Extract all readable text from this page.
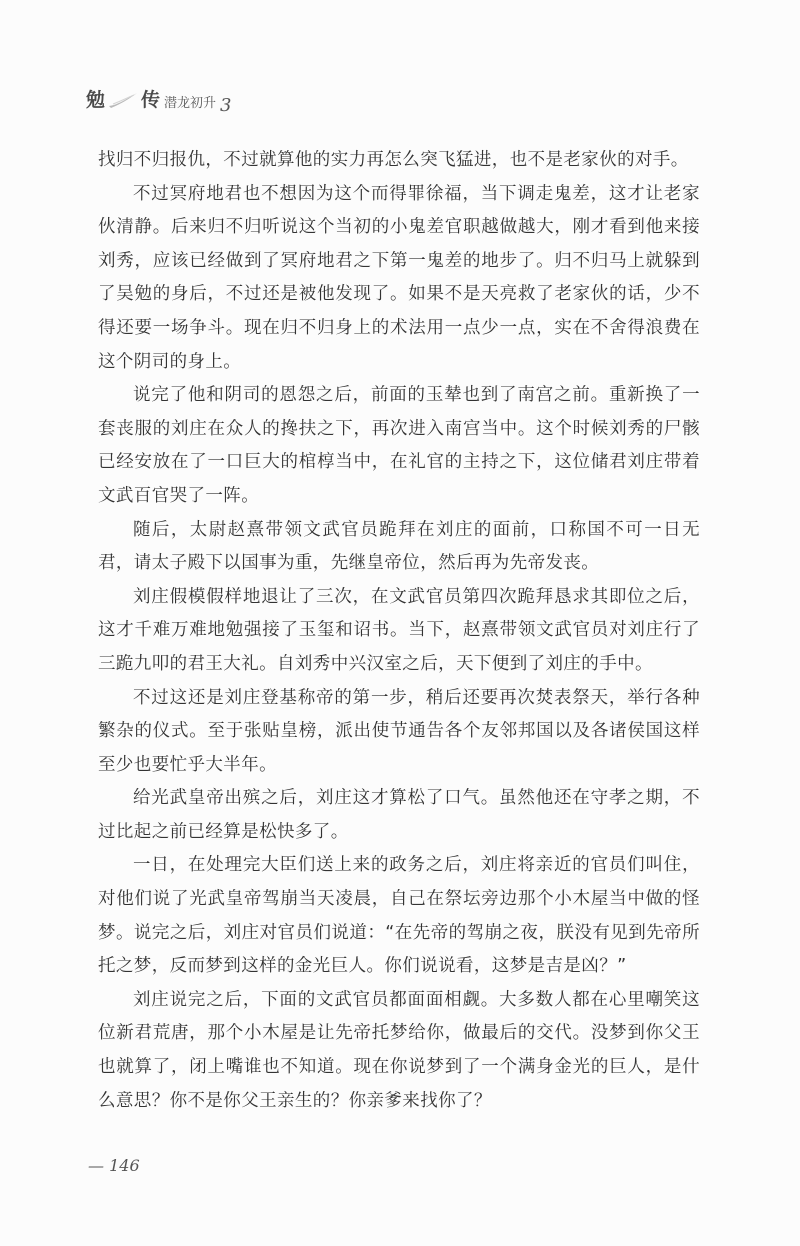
勉 传 潜龙初升 3

找归不归报仇，不过就算他的实力再怎么突飞猛进，也不是老家伙的对手。

不过冥府地君也不想因为这个而得罪徐福，当下调走鬼差，这才让老家伙清静。后来归不归听说这个当初的小鬼差官职越做越大，刚才看到他来接刘秀，应该已经做到了冥府地君之下第一鬼差的地步了。归不归马上就躲到了吴勉的身后，不过还是被他发现了。如果不是天亮救了老家伙的话，少不得还要一场争斗。现在归不归身上的术法用一点少一点，实在不舍得浪费在这个阴司的身上。

说完了他和阴司的恩怨之后，前面的玉辇也到了南宫之前。重新换了一套丧服的刘庄在众人的搀扶之下，再次进入南宫当中。这个时候刘秀的尸骸已经安放在了一口巨大的棺椁当中，在礼官的主持之下，这位储君刘庄带着文武百官哭了一阵。

随后，太尉赵熹带领文武官员跪拜在刘庄的面前，口称国不可一日无君，请太子殿下以国事为重，先继皇帝位，然后再为先帝发丧。

刘庄假模假样地退让了三次，在文武官员第四次跪拜恳求其即位之后，这才千难万难地勉强接了玉玺和诏书。当下，赵熹带领文武官员对刘庄行了三跪九叩的君王大礼。自刘秀中兴汉室之后，天下便到了刘庄的手中。

不过这还是刘庄登基称帝的第一步，稍后还要再次焚表祭天，举行各种繁杂的仪式。至于张贴皇榜，派出使节通告各个友邻邦国以及各诸侯国这样至少也要忙乎大半年。

给光武皇帝出殡之后，刘庄这才算松了口气。虽然他还在守孝之期，不过比起之前已经算是松快多了。

一日，在处理完大臣们送上来的政务之后，刘庄将亲近的官员们叫住，对他们说了光武皇帝驾崩当天凌晨，自己在祭坛旁边那个小木屋当中做的怪梦。说完之后，刘庄对官员们说道：“在先帝的驾崩之夜，朕没有见到先帝所托之梦，反而梦到这样的金光巨人。你们说说看，这梦是吉是凶？”

刘庄说完之后，下面的文武官员都面面相觑。大多数人都在心里嘲笑这位新君荒唐，那个小木屋是让先帝托梦给你，做最后的交代。没梦到你父王也就算了，闭上嘴谁也不知道。现在你说梦到了一个满身金光的巨人，是什么意思？你不是你父王亲生的？你亲爹来找你了？

— 146
